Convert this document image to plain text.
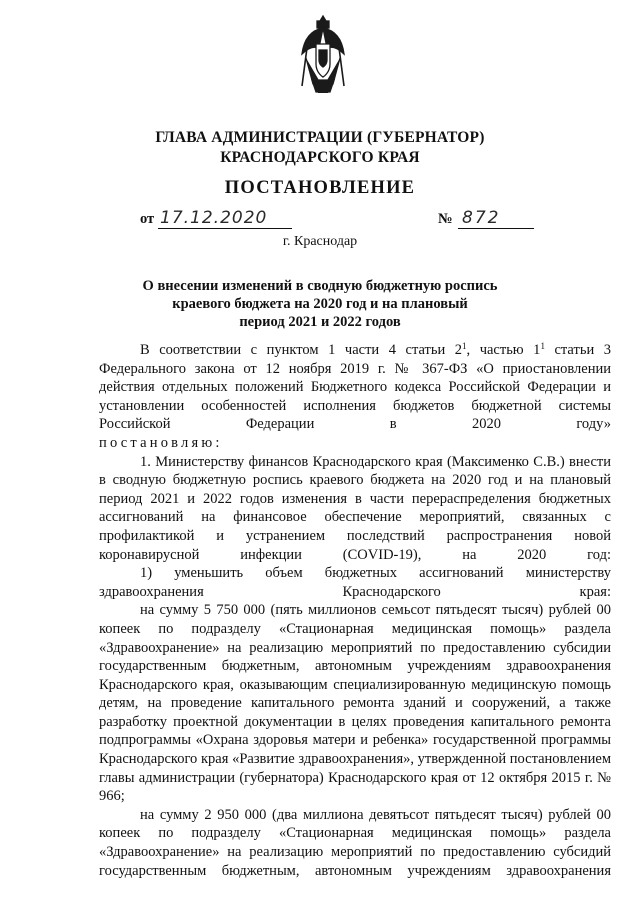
ГЛАВА АДМИНИСТРАЦИИ (ГУБЕРНАТОР)
КРАСНОДАРСКОГО КРАЯ
ПОСТАНОВЛЕНИЕ
от 17.12.2020	№ 872
г. Краснодар
О внесении изменений в сводную бюджетную роспись
краевого бюджета на 2020 год и на плановый
период 2021 и 2022 годов

В соответствии с пунктом 1 части 4 статьи $2^1$, частью $1^1$ статьи 3 Федерального закона от 12 ноября 2019 г. № 367-ФЗ «О приостановлении действия отдельных положений Бюджетного кодекса Российской Федерации и установлении особенностей исполнения бюджетов бюджетной системы Российской Федерации в 2020 году»

постановляю:

1. Министерству финансов Краснодарского края (Максименко С.В.) внести в сводную бюджетную роспись краевого бюджета на 2020 год и на плановый период 2021 и 2022 годов изменения в части перераспределения бюджетных ассигнований на финансовое обеспечение мероприятий, связанных с профилактикой и устранением последствий распространения новой коронавирусной инфекции (COVID-19), на 2020 год:

1) уменьшить объем бюджетных ассигнований министерству здравоохранения Краснодарского края:

на сумму 5 750 000 (пять миллионов семьсот пятьдесят тысяч) рублей 00 копеек по подразделу «Стационарная медицинская помощь» раздела «Здравоохранение» на реализацию мероприятий по предоставлению субсидии государственным бюджетным, автономным учреждениям здравоохранения Краснодарского края, оказывающим специализированную медицинскую помощь детям, на проведение капитального ремонта зданий и сооружений, а также разработку проектной документации в целях проведения капитального ремонта подпрограммы «Охрана здоровья матери и ребенка» государственной программы Краснодарского края «Развитие здравоохранения», утвержденной постановлением главы администрации (губернатора) Краснодарского края от 12 октября 2015 г. № 966;

на сумму 2 950 000 (два миллиона девятьсот пятьдесят тысяч) рублей 00 копеек по подразделу «Стационарная медицинская помощь» раздела «Здравоохранение» на реализацию мероприятий по предоставлению субсидий государственным бюджетным, автономным учреждениям здравоохранения
